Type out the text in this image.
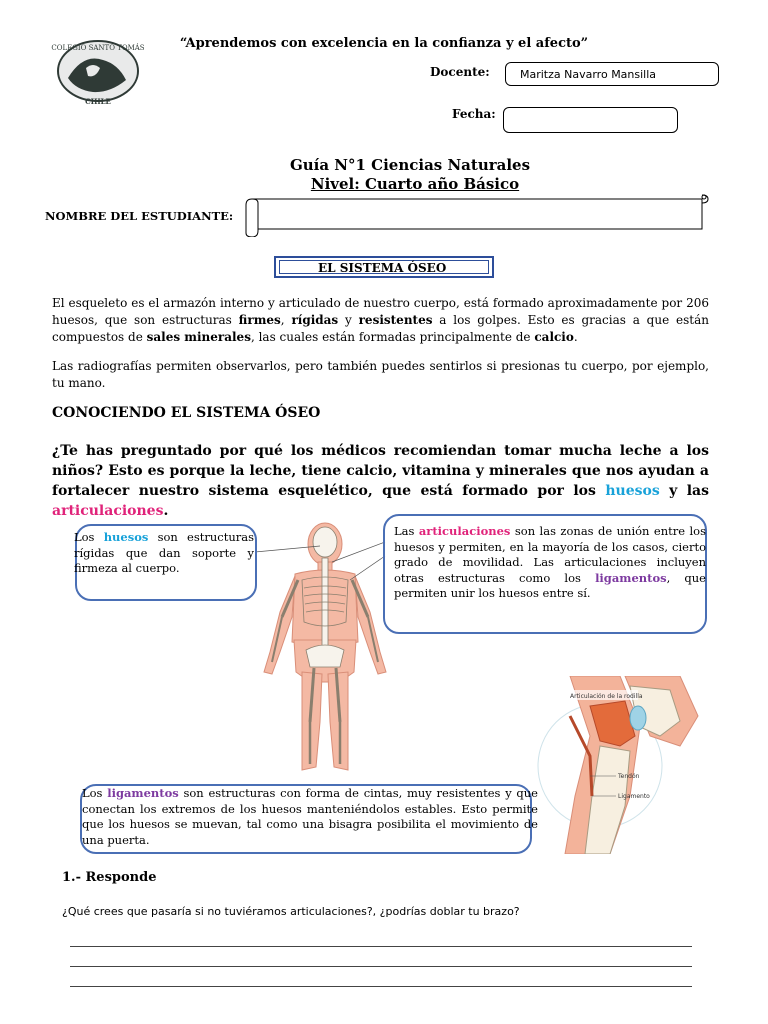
“Aprendemos con excelencia en la confianza y el afecto”
COLEGIO SANTO TOMÁS
CHILE
Docente:	Maritza Navarro Mansilla
Fecha:
Guía N°1 Ciencias Naturales
Nivel: Cuarto año Básico
NOMBRE DEL ESTUDIANTE:
EL SISTEMA ÓSEO
El esqueleto es el armazón interno y articulado de nuestro cuerpo, está formado aproximadamente por 206 huesos, que son estructuras firmes, rígidas y resistentes a los golpes. Esto es gracias a que están compuestos de sales minerales, las cuales están formadas principalmente de calcio.
Las radiografías permiten observarlos, pero también puedes sentirlos si presionas tu cuerpo, por ejemplo, tu mano.
CONOCIENDO EL SISTEMA ÓSEO
¿Te has preguntado por qué los médicos recomiendan tomar mucha leche a los niños? Esto es porque la leche, tiene calcio, vitamina y minerales que nos ayudan a fortalecer nuestro sistema esquelético, que está formado por los huesos y las articulaciones.
Los huesos son estructuras rígidas que dan soporte y firmeza al cuerpo.
Las articulaciones son las zonas de unión entre los huesos y permiten, en la mayoría de los casos, cierto grado de movilidad. Las articulaciones incluyen otras estructuras como los ligamentos, que permiten unir los huesos entre sí.
Articulación de la rodilla
Tendón
Ligamento
Los ligamentos son estructuras con forma de cintas, muy resistentes y que conectan los extremos de los huesos manteniéndolos estables. Esto permite que los huesos se muevan, tal como una bisagra posibilita el movimiento de una puerta.
1.- Responde
¿Qué crees que pasaría si no tuviéramos articulaciones?, ¿podrías doblar tu brazo?
